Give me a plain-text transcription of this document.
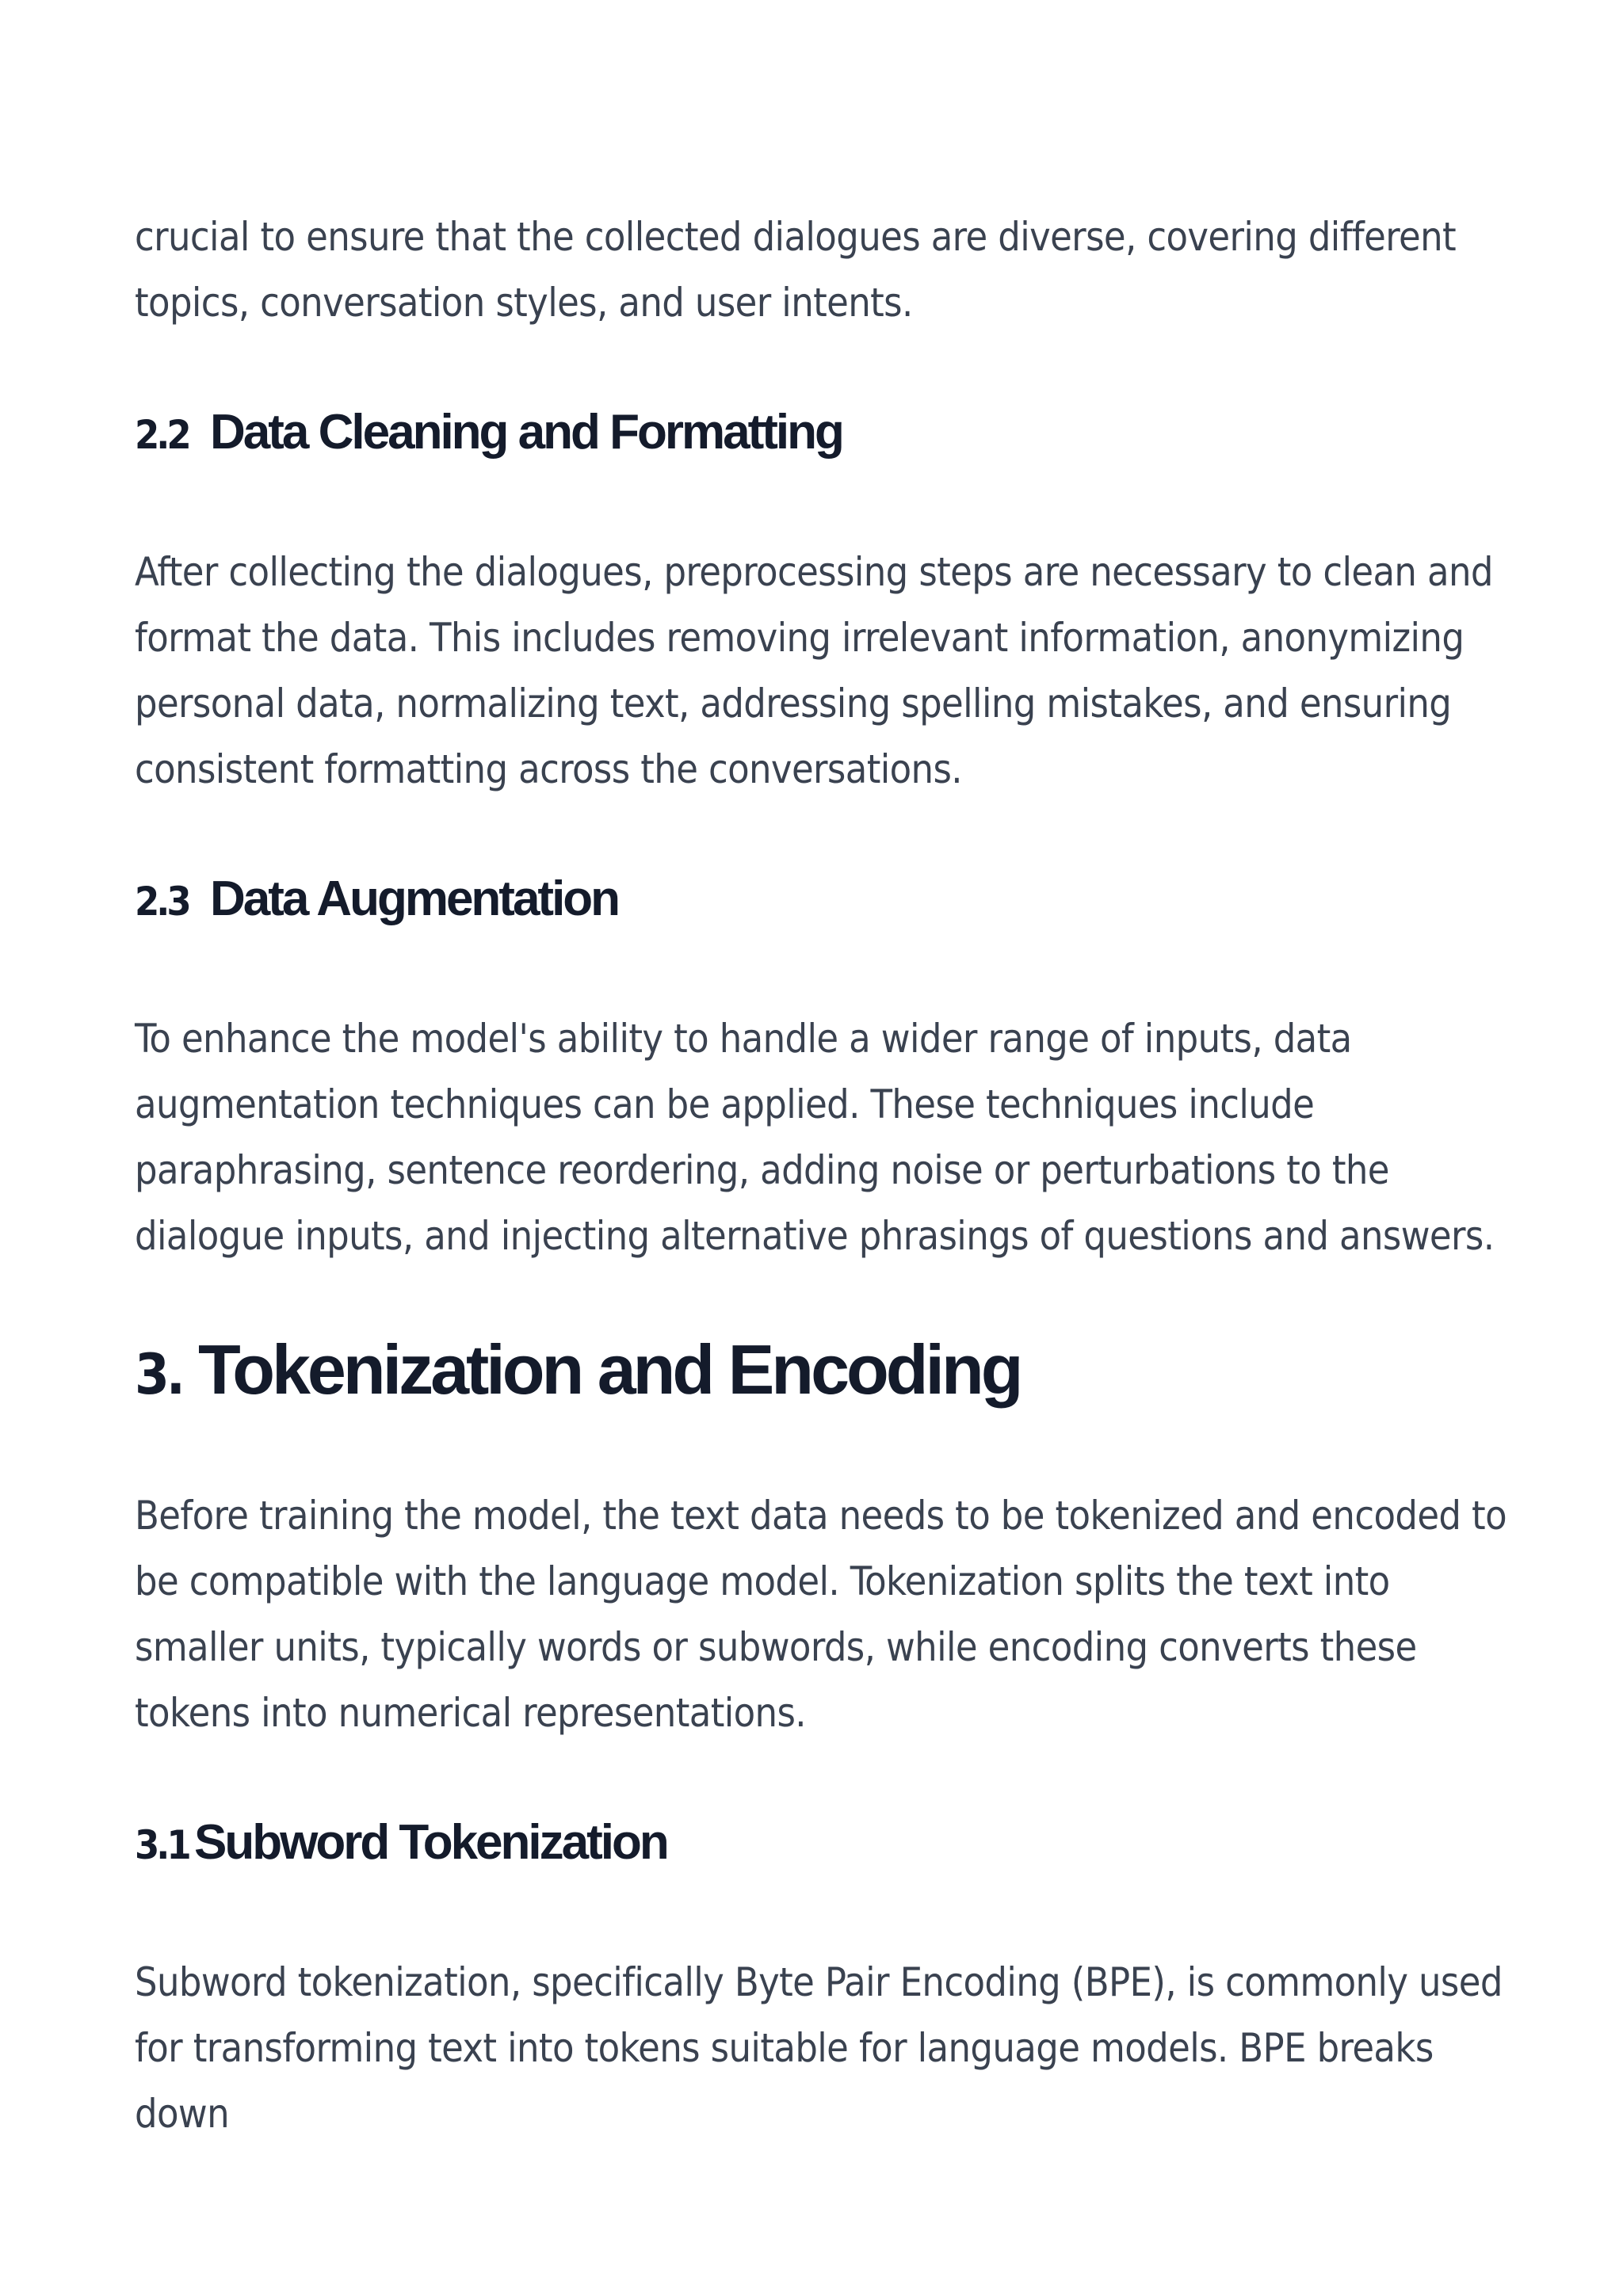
crucial to ensure that the collected dialogues are diverse, covering different topics, conversation styles, and user intents.

2.2 Data Cleaning and Formatting

After collecting the dialogues, preprocessing steps are necessary to clean and format the data. This includes removing irrelevant information, anonymizing personal data, normalizing text, addressing spelling mistakes, and ensuring consistent formatting across the conversations.

2.3 Data Augmentation

To enhance the model's ability to handle a wider range of inputs, data augmentation techniques can be applied. These techniques include paraphrasing, sentence reordering, adding noise or perturbations to the dialogue inputs, and injecting alternative phrasings of questions and answers.

3. Tokenization and Encoding

Before training the model, the text data needs to be tokenized and encoded to be compatible with the language model. Tokenization splits the text into smaller units, typically words or subwords, while encoding converts these tokens into numerical representations.

3.1 Subword Tokenization

Subword tokenization, specifically Byte Pair Encoding (BPE), is commonly used for transforming text into tokens suitable for language models. BPE breaks down
